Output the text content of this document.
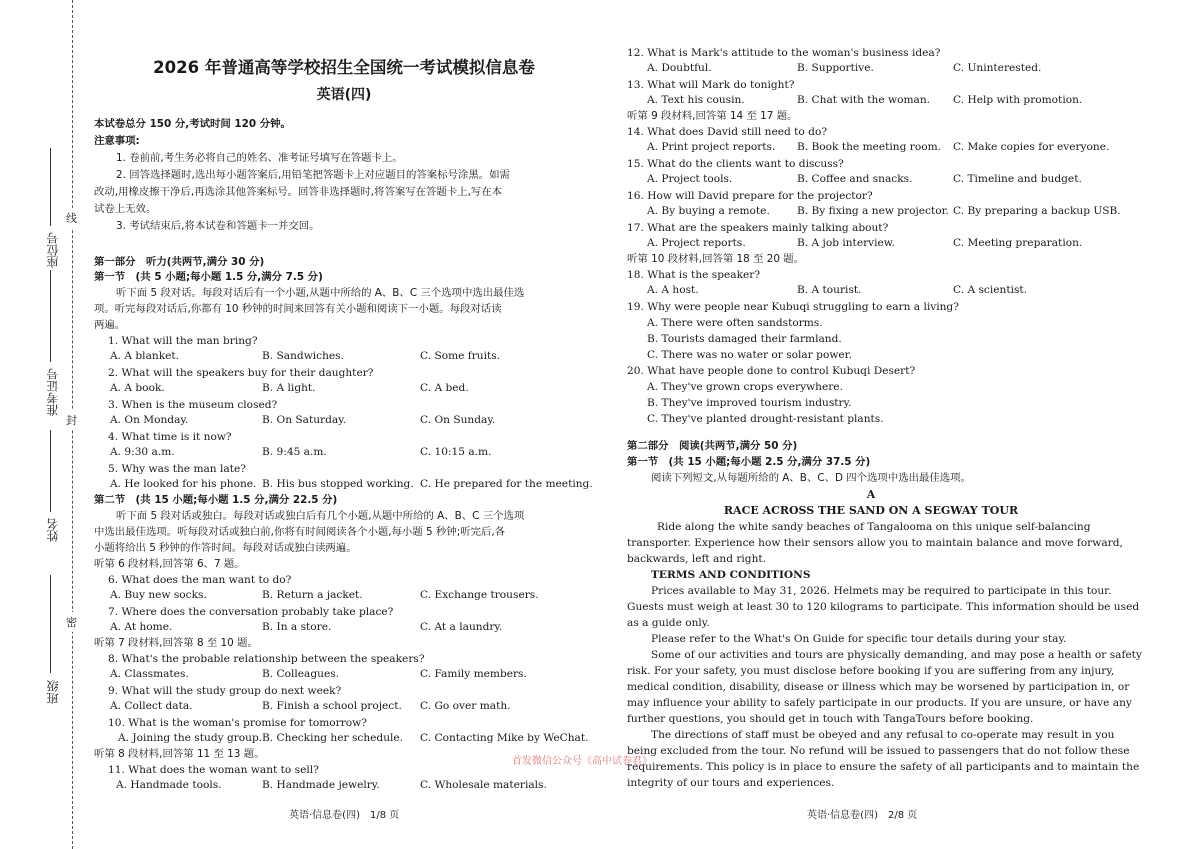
座位号
准考证号
姓名
班级
线
封
密
2026 年普通高等学校招生全国统一考试模拟信息卷
英语(四)
本试卷总分 150 分,考试时间 120 分钟。
注意事项:
1. 卷前前,考生务必将自己的姓名、准考证号填写在答题卡上。
2. 回答选择题时,选出每小题答案后,用铅笔把答题卡上对应题目的答案标号涂黑。如需
改动,用橡皮擦干净后,再选涂其他答案标号。回答非选择题时,将答案写在答题卡上,写在本
试卷上无效。
3. 考试结束后,将本试卷和答题卡一并交回。
第一部分　听力(共两节,满分 30 分)
第一节　(共 5 小题;每小题 1.5 分,满分 7.5 分)
听下面 5 段对话。每段对话后有一个小题,从题中所给的 A、B、C 三个选项中选出最佳选
项。听完每段对话后,你都有 10 秒钟的时间来回答有关小题和阅读下一小题。每段对话读
两遍。
1. What will the man bring?
A. A blanket.	B. Sandwiches.	C. Some fruits.
2. What will the speakers buy for their daughter?
A. A book.	B. A light.	C. A bed.
3. When is the museum closed?
A. On Monday.	B. On Saturday.	C. On Sunday.
4. What time is it now?
A. 9:30 a.m.	B. 9:45 a.m.	C. 10:15 a.m.
5. Why was the man late?
A. He looked for his phone. B. His bus stopped working. C. He prepared for the meeting.
第二节　(共 15 小题;每小题 1.5 分,满分 22.5 分)
听下面 5 段对话或独白。每段对话或独白后有几个小题,从题中所给的 A、B、C 三个选项
中选出最佳选项。听每段对话或独白前,你将有时间阅读各个小题,每小题 5 秒钟;听完后,各
小题将给出 5 秒钟的作答时间。每段对话或独白读两遍。
听第 6 段材料,回答第 6、7 题。
6. What does the man want to do?
A. Buy new socks.	B. Return a jacket.	C. Exchange trousers.
7. Where does the conversation probably take place?
A. At home.	B. In a store.	C. At a laundry.
听第 7 段材料,回答第 8 至 10 题。
8. What's the probable relationship between the speakers?
A. Classmates.	B. Colleagues.	C. Family members.
9. What will the study group do next week?
A. Collect data.	B. Finish a school project. C. Go over math.
10. What is the woman's promise for tomorrow?
A. Joining the study group. B. Checking her schedule. C. Contacting Mike by WeChat.
听第 8 段材料,回答第 11 至 13 题。
11. What does the woman want to sell?
A. Handmade tools.	B. Handmade jewelry.	C. Wholesale materials.
英语·信息卷(四)　1/8 页
12. What is Mark's attitude to the woman's business idea?
A. Doubtful.	B. Supportive.	C. Uninterested.
13. What will Mark do tonight?
A. Text his cousin.	B. Chat with the woman. C. Help with promotion.
听第 9 段材料,回答第 14 至 17 题。
14. What does David still need to do?
A. Print project reports. B. Book the meeting room. C. Make copies for everyone.
15. What do the clients want to discuss?
A. Project tools.	B. Coffee and snacks.	C. Timeline and budget.
16. How will David prepare for the projector?
A. By buying a remote.	B. By fixing a new projector. C. By preparing a backup USB.
17. What are the speakers mainly talking about?
A. Project reports.	B. A job interview.	C. Meeting preparation.
听第 10 段材料,回答第 18 至 20 题。
18. What is the speaker?
A. A host.	B. A tourist.	C. A scientist.
19. Why were people near Kubuqi struggling to earn a living?
A. There were often sandstorms.
B. Tourists damaged their farmland.
C. There was no water or solar power.
20. What have people done to control Kubuqi Desert?
A. They've grown crops everywhere.
B. They've improved tourism industry.
C. They've planted drought-resistant plants.
第二部分　阅读(共两节,满分 50 分)
第一节　(共 15 小题;每小题 2.5 分,满分 37.5 分)
阅读下列短文,从每题所给的 A、B、C、D 四个选项中选出最佳选项。
A
RACE ACROSS THE SAND ON A SEGWAY TOUR
Ride along the white sandy beaches of Tangalooma on this unique self-balancing
transporter. Experience how their sensors allow you to maintain balance and move forward,
backwards, left and right.
TERMS AND CONDITIONS
Prices available to May 31, 2026. Helmets may be required to participate in this tour.
Guests must weigh at least 30 to 120 kilograms to participate. This information should be used
as a guide only.
Please refer to the What's On Guide for specific tour details during your stay.
Some of our activities and tours are physically demanding, and may pose a health or safety
risk. For your safety, you must disclose before booking if you are suffering from any injury,
medical condition, disability, disease or illness which may be worsened by participation in, or
may influence your ability to safely participate in our products. If you are unsure, or have any
further questions, you should get in touch with TangaTours before booking.
The directions of staff must be obeyed and any refusal to co-operate may result in you
being excluded from the tour. No refund will be issued to passengers that do not follow these
requirements. This policy is in place to ensure the safety of all participants and to maintain the
integrity of our tours and experiences.
英语·信息卷(四)　2/8 页
首发微信公众号《高中试卷君》
